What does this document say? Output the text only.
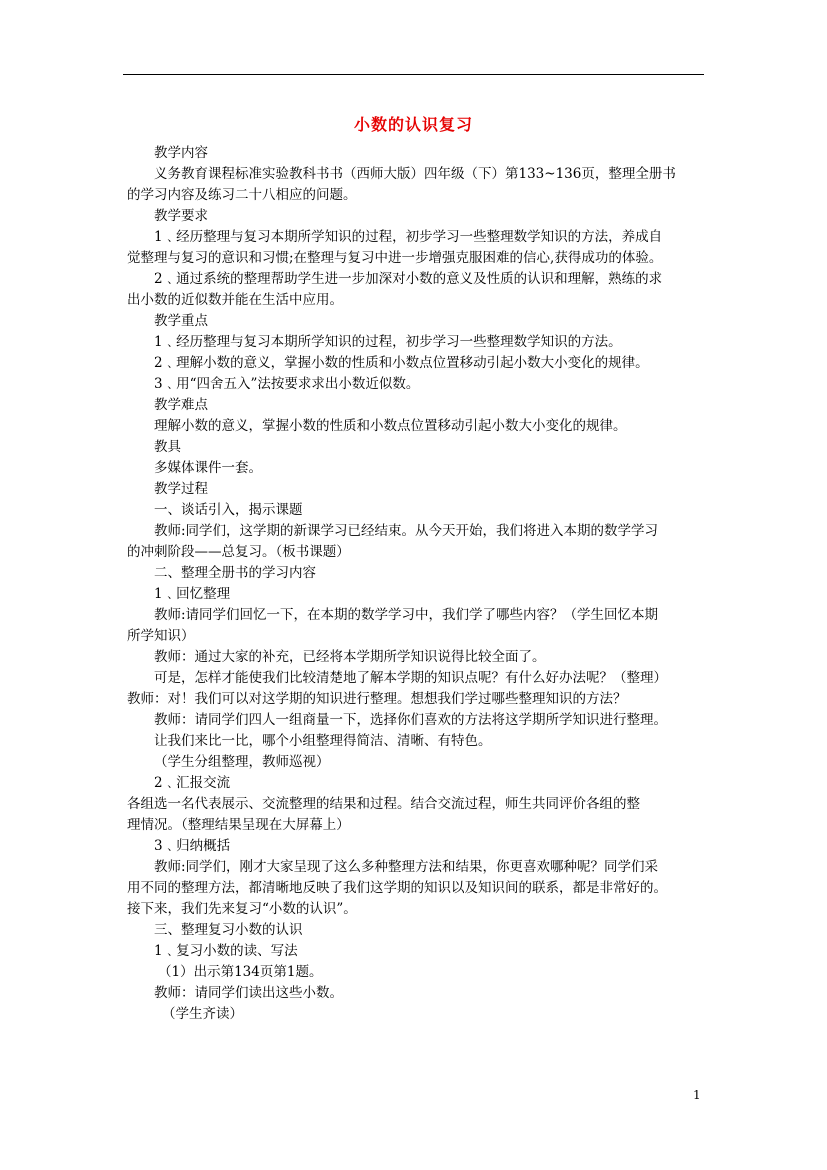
小数的认识复习

教学内容

义务教育课程标准实验教科书书（西师大版）四年级（下）第133~136页，整理全册书

的学习内容及练习二十八相应的问题。

教学要求

1﹑经历整理与复习本期所学知识的过程，初步学习一些整理数学知识的方法，养成自

觉整理与复习的意识和习惯;在整理与复习中进一步增强克服困难的信心,获得成功的体验。

2﹑通过系统的整理帮助学生进一步加深对小数的意义及性质的认识和理解，熟练的求

出小数的近似数并能在生活中应用。

教学重点

1﹑经历整理与复习本期所学知识的过程，初步学习一些整理数学知识的方法。

2﹑理解小数的意义，掌握小数的性质和小数点位置移动引起小数大小变化的规律。

3﹑用“四舍五入”法按要求求出小数近似数。

教学难点

理解小数的意义，掌握小数的性质和小数点位置移动引起小数大小变化的规律。

教具

多媒体课件一套。

教学过程

一、谈话引入，揭示课题

教师:同学们，这学期的新课学习已经结束。从今天开始，我们将进入本期的数学学习

的冲刺阶段——总复习。（板书课题）

二、整理全册书的学习内容

1﹑回忆整理

教师:请同学们回忆一下，在本期的数学学习中，我们学了哪些内容？（学生回忆本期

所学知识）

教师：通过大家的补充，已经将本学期所学知识说得比较全面了。

可是，怎样才能使我们比较清楚地了解本学期的知识点呢？有什么好办法呢？（整理）

教师：对！我们可以对这学期的知识进行整理。想想我们学过哪些整理知识的方法？

教师：请同学们四人一组商量一下，选择你们喜欢的方法将这学期所学知识进行整理。

让我们来比一比，哪个小组整理得简洁、清晰、有特色。

（学生分组整理，教师巡视）

2﹑汇报交流

各组选一名代表展示、交流整理的结果和过程。结合交流过程，师生共同评价各组的整

理情况。（整理结果呈现在大屏幕上）

3﹑归纳概括

教师:同学们，刚才大家呈现了这么多种整理方法和结果，你更喜欢哪种呢？同学们采

用不同的整理方法，都清晰地反映了我们这学期的知识以及知识间的联系，都是非常好的。

接下来，我们先来复习“小数的认识”。

三、整理复习小数的认识

1﹑复习小数的读、写法

（1）出示第134页第1题。

教师：请同学们读出这些小数。

（学生齐读）

1
